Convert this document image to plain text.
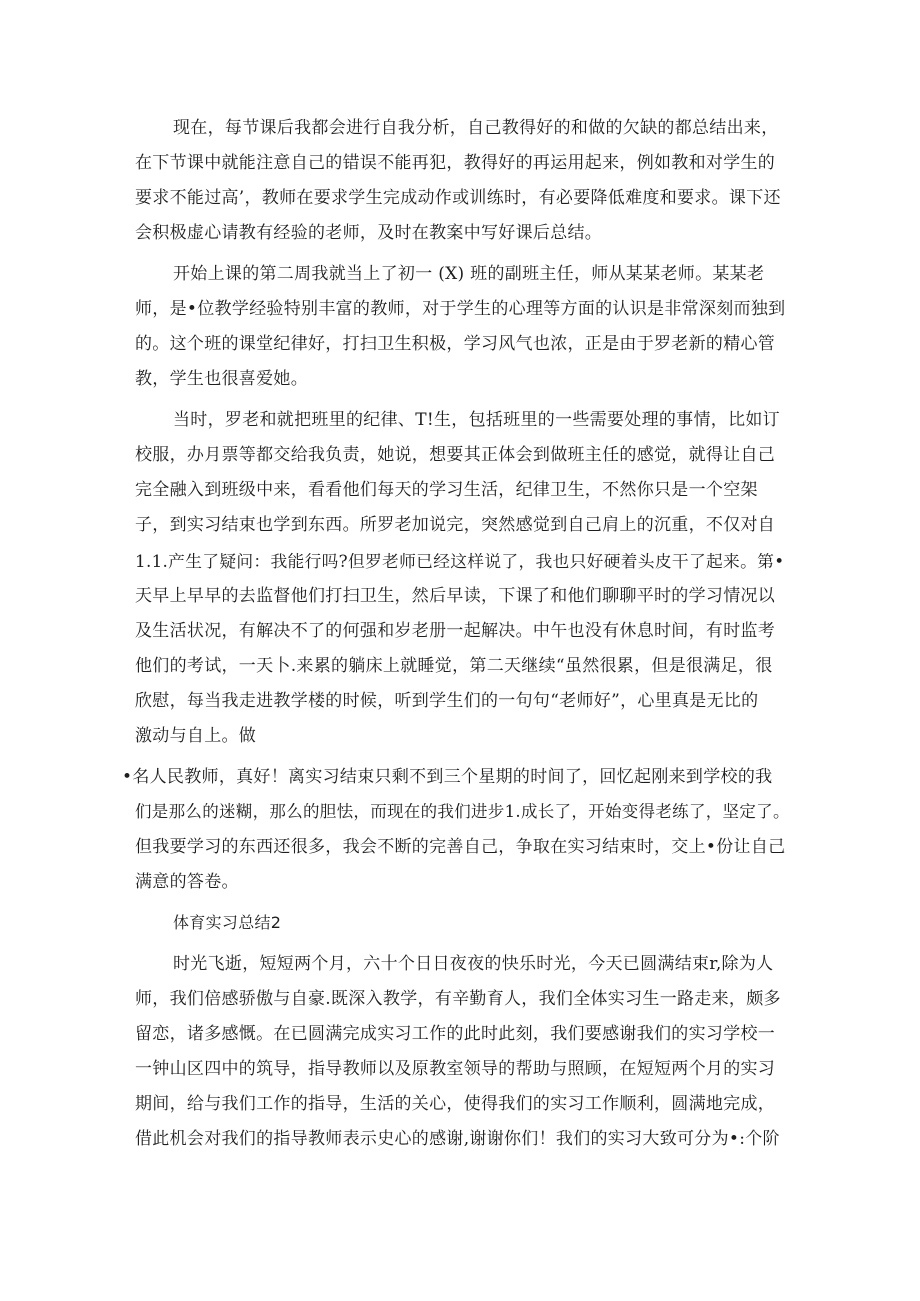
现在，每节课后我都会进行自我分析，自己教得好的和做的欠缺的都总结出来，
在下节课中就能注意自己的错误不能再犯，教得好的再运用起来，例如教和对学生的
要求不能过高’，教师在要求学生完成动作或训练时，有必要降低难度和要求。课下还
会积极虚心请教有经验的老师，及时在教案中写好课后总结。
开始上课的第二周我就当上了初一 (X) 班的副班主任，师从某某老师。某某老
师，是•位教学经验特别丰富的教师，对于学生的心理等方面的认识是非常深刻而独到
的。这个班的课堂纪律好，打扫卫生积极，学习风气也浓，正是由于罗老新的精心管
教，学生也很喜爱她。
当时，罗老和就把班里的纪律、T!生，包括班里的一些需要处理的事情，比如订
校服，办月票等都交给我负责，她说，想要其正体会到做班主任的感觉，就得让自己
完全融入到班级中来，看看他们每天的学习生活，纪律卫生，不然你只是一个空架
子，到实习结束也学到东西。所罗老加说完，突然感觉到自己肩上的沉重，不仅对自
1.1.产生了疑问：我能行吗?但罗老师已经这样说了，我也只好硬着头皮干了起来。第•
天早上早早的去监督他们打扫卫生，然后早读，下课了和他们聊聊平时的学习情况以
及生活状况，有解决不了的何强和岁老册一起解决。中午也没有休息时间，有时监考
他们的考试，一天卜.来累的躺床上就睡觉，第二天继续“虽然很累，但是很满足，很
欣慰，每当我走进教学楼的时候，听到学生们的一句句“老师好”，心里真是无比的
激动与自上。做
•名人民教师，真好！离实习结束只剩不到三个星期的时间了，回忆起刚来到学校的我
们是那么的迷糊，那么的胆怯，而现在的我们进步1.成长了，开始变得老练了，坚定了。
但我要学习的东西还很多，我会不断的完善自己，争取在实习结束时，交上•份让自己
满意的答卷。
体育实习总结2
时光飞逝，短短两个月，六十个日日夜夜的快乐时光，今天已圆满结束r,除为人
师，我们倍感骄傲与自豪.既深入教学，有辛勤育人，我们全体实习生一路走来，颇多
留恋，诸多感慨。在已圆满完成实习工作的此时此刻，我们要感谢我们的实习学校一
一钟山区四中的筑导，指导教师以及原教室领导的帮助与照顾，在短短两个月的实习
期间，给与我们工作的指导，生活的关心，使得我们的实习工作顺利，圆满地完成，
借此机会对我们的指导教师表示史心的感谢,谢谢你们！我们的实习大致可分为•:个阶
